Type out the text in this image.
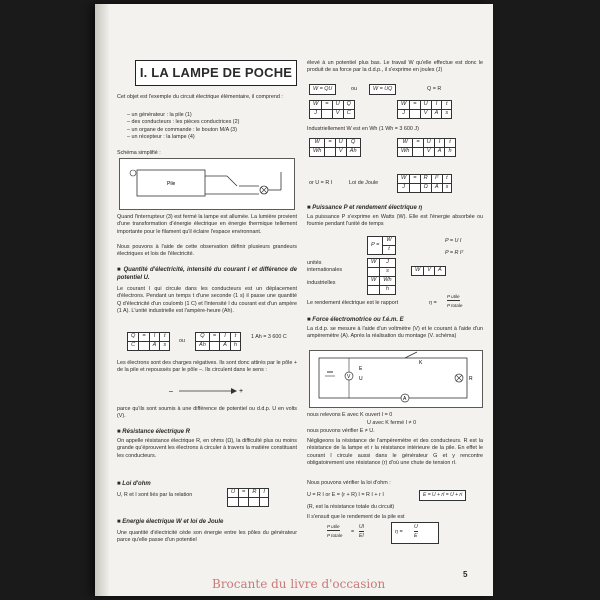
I. LA LAMPE DE POCHE

Cet objet est l'exemple du circuit électrique élémentaire, il comprend :

– un générateur : la pile (1)
– des conducteurs : les pièces conductrices (2)
– un organe de commande : le bouton M/A (3)
– un récepteur : la lampe (4)

Schéma simplifié :

Pile

Quand l'interrupteur (3) est fermé la lampe est allumée. La lumière provient d'une transformation d'énergie électrique en énergie thermique tellement importante pour le filament qu'il éclaire l'espace environnant.

Nous pouvons à l'aide de cette observation définir plusieurs grandeurs électriques et lois de l'électricité.

■ Quantité d'électricité, intensité du courant I et différence de potentiel U.

Le courant I qui circule dans les conducteurs est un déplacement d'électrons. Pendant un temps t d'une seconde (1 s) il passe une quantité Q d'électricité d'un coulomb (1 C) et l'intensité I du courant est d'un ampère (1 A). L'unité industrielle est l'ampère-heure (Ah).

Q	=	I	t
C		A	s
ou
Q	=	I	t
Ah		A	h
1 Ah = 3 600 C

Les électrons sont des charges négatives. Ils sont donc attirés par le pôle + de la pile et repoussés par le pôle –. Ils circulent dans le sens :

–	+

parce qu'ils sont soumis à une différence de potentiel ou d.d.p. U en volts (V).

■ Résistance électrique R

On appelle résistance électrique R, en ohms (Ω), la difficulté plus ou moins grande qu'éprouvent les électrons à circuler à travers la matière constituant les conducteurs.

■ Loi d'ohm

U, R et I sont liés par la relation	U	=	R	I

■ Energie électrique W et loi de Joule

Une quantité d'électricité cède son énergie entre les pôles du générateur parce qu'elle passe d'un potentiel

élevé à un potentiel plus bas. Le travail W qu'elle effectue est donc le produit de sa force par la d.d.p., il s'exprime en joules (J)

W = QU	ou	W = UQ	Q = R
W	=	U	Q
J		V	C
W	=	U	I	t
J		V	A	s

Industriellement W est en Wh (1 Wh = 3 600 J)

W	=	U	Q
Wh		V	Ah
W	=	U	I	t
Wh		V	A	h
or U = R I	Loi de Joule
W	=	R	I²	t
J		Ω	A	s

■ Puissance P et rendement électrique η

La puissance P s'exprime en Watts (W). Elle est l'énergie absorbée ou fournie pendant l'unité de temps

P =	W
t
P = U I
P = R I²
unités internationales
W	J
	s
W	Wh
	h
W	V	A
industrielles

Le rendement électrique est le rapport	η =
P utile
P totale

■ Force électromotrice ou f.é.m. E

La d.d.p. se mesure à l'aide d'un voltmètre (V) et le courant à l'aide d'un ampèremètre (A). Après la réalisation du montage (V. schéma)

V
E
U
K
R
A

nous relevons E avec K ouvert I = 0

U avec K fermé I ≠ 0

nous pouvons vérifier E ≠ U.

Négligeons la résistance de l'ampèremètre et des conducteurs. R est la résistance de la lampe et r la résistance intérieure de la pile. En effet le courant I circule aussi dans le générateur G et y rencontre obligatoirement une résistance (r) d'où une chute de tension rI.

Nous pouvons vérifier la loi d'ohm :

U = R I or E = (r + R) I = R I + r I	E = U + rI = U + ri

(R, est la résistance totale du circuit)

Il s'ensuit que le rendement de la pile est

P utile
P totale
=
UI
EI
η =
U
E
5
Brocante du livre d'occasion
